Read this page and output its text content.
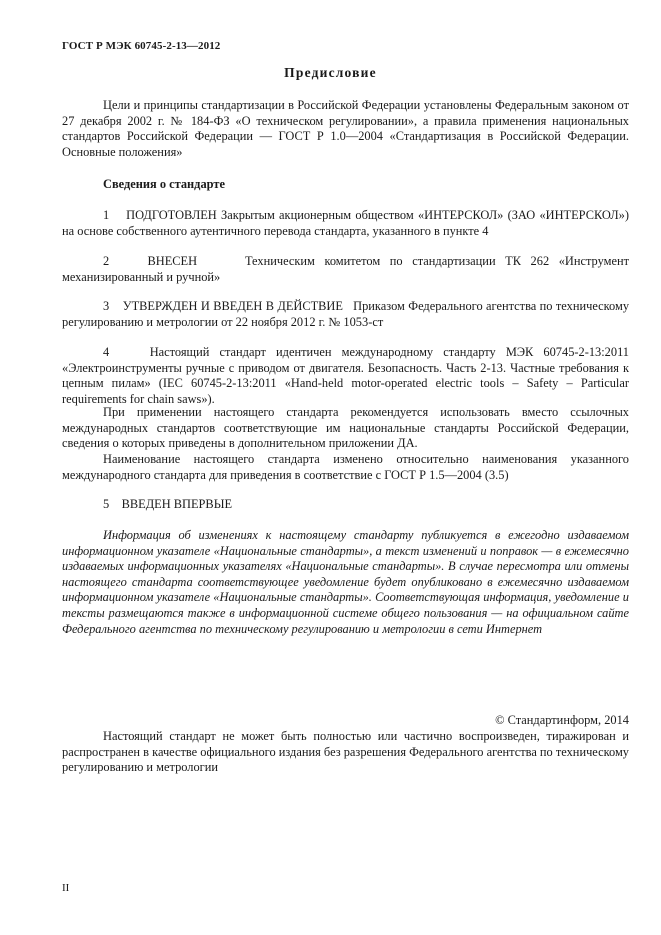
ГОСТ Р МЭК 60745-2-13—2012
Предисловие
Цели и принципы стандартизации в Российской Федерации установлены Федеральным законом от 27 декабря 2002 г. № 184-ФЗ «О техническом регулировании», а правила применения национальных стандартов Российской Федерации — ГОСТ Р 1.0—2004 «Стандартизация в Российской Федерации. Основные положения»
Сведения о стандарте
1 ПОДГОТОВЛЕН Закрытым акционерным обществом «ИНТЕРСКОЛ» (ЗАО «ИНТЕРСКОЛ») на основе собственного аутентичного перевода стандарта, указанного в пункте 4
2	ВНЕСЕН	Техническим комитетом по стандартизации ТК 262 «Инструмент механизированный и ручной»
3 УТВЕРЖДЕН И ВВЕДЕН В ДЕЙСТВИЕ Приказом Федерального агентства по техническому регулированию и метрологии от 22 ноября 2012 г. № 1053-ст
4	Настоящий стандарт идентичен международному стандарту МЭК 60745-2-13:2011 «Электроинструменты ручные с приводом от двигателя. Безопасность. Часть 2-13. Частные требования к цепным пилам» (IEC 60745-2-13:2011 «Hand-held motor-operated electric tools – Safety – Particular requirements for chain saws»).
При применении настоящего стандарта рекомендуется использовать вместо ссылочных международных стандартов соответствующие им национальные стандарты Российской Федерации, сведения о которых приведены в дополнительном приложении ДА.
Наименование настоящего стандарта изменено относительно наименования указанного международного стандарта для приведения в соответствие с ГОСТ Р 1.5—2004 (3.5)
5 ВВЕДЕН ВПЕРВЫЕ
Информация об изменениях к настоящему стандарту публикуется в ежегодно издаваемом информационном указателе «Национальные стандарты», а текст изменений и поправок — в ежемесячно издаваемых информационных указателях «Национальные стандарты». В случае пересмотра или отмены настоящего стандарта соответствующее уведомление будет опубликовано в ежемесячно издаваемом информационном указателе «Национальные стандарты». Соответствующая информация, уведомление и тексты размещаются также в информационной системе общего пользования — на официальном сайте Федерального агентства по техническому регулированию и метрологии в сети Интернет
© Стандартинформ, 2014
Настоящий стандарт не может быть полностью или частично воспроизведен, тиражирован и распространен в качестве официального издания без разрешения Федерального агентства по техническому регулированию и метрологии
II
